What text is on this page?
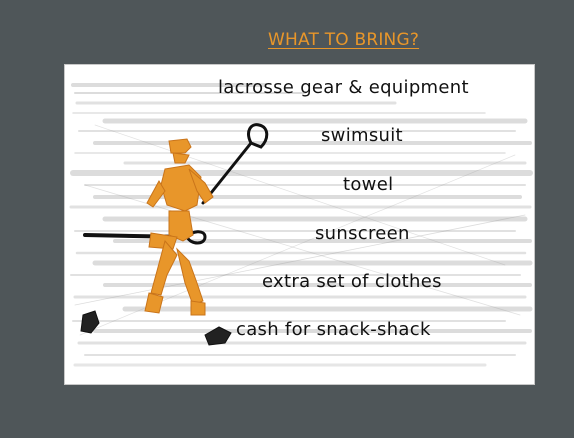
WHAT TO BRING?
lacrosse gear & equipment
swimsuit
towel
sunscreen
extra set of clothes
cash for snack-shack
